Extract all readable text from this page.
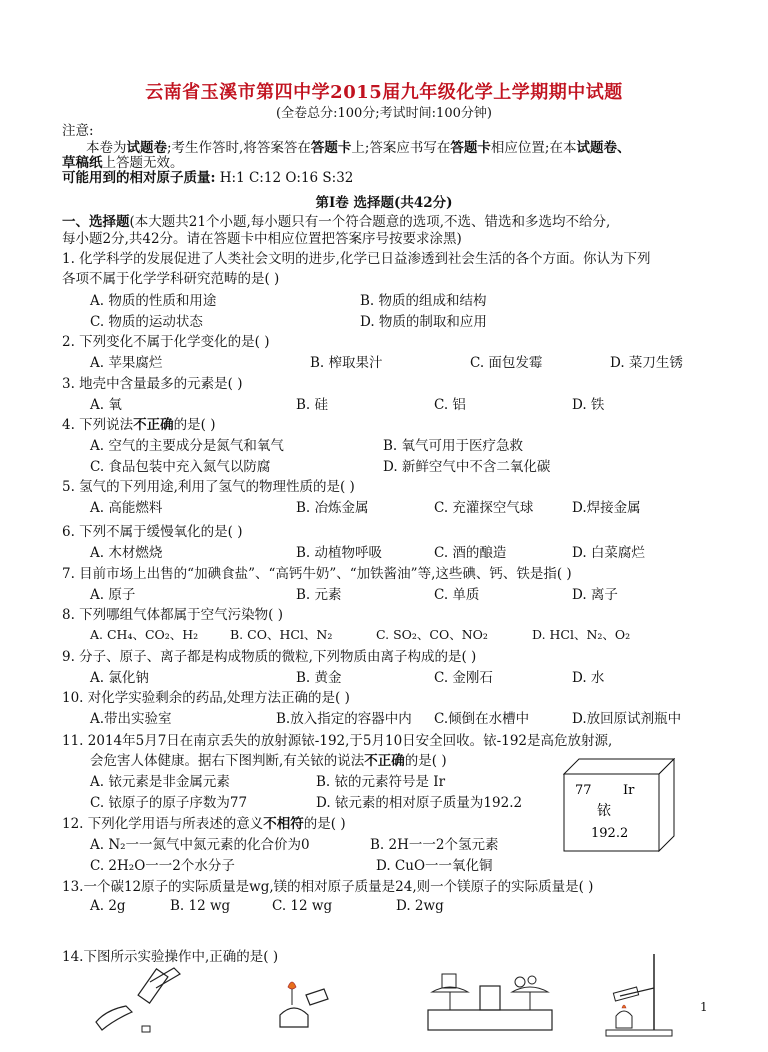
云南省玉溪市第四中学2015届九年级化学上学期期中试题
(全卷总分:100分;考试时间:100分钟)
注意:
本卷为试题卷;考生作答时,将答案答在答题卡上;答案应书写在答题卡相应位置;在本试题卷、
草稿纸上答题无效。
可能用到的相对原子质量: H:1 C:12 O:16 S:32
第I卷 选择题(共42分)
一、选择题(本大题共21个小题,每小题只有一个符合题意的选项,不选、错选和多选均不给分,
每小题2分,共42分。请在答题卡中相应位置把答案序号按要求涂黑)
1. 化学科学的发展促进了人类社会文明的进步,化学已日益渗透到社会生活的各个方面。你认为下列
各项不属于化学学科研究范畴的是( )
A. 物质的性质和用途	B. 物质的组成和结构
C. 物质的运动状态	D. 物质的制取和应用
2. 下列变化不属于化学变化的是( )
A. 苹果腐烂	B. 榨取果汁	C. 面包发霉	D. 菜刀生锈
3. 地壳中含量最多的元素是( )
A. 氧	B. 硅	C. 铝	D. 铁
4. 下列说法不正确的是( )
A. 空气的主要成分是氮气和氧气	B. 氧气可用于医疗急救
C. 食品包装中充入氮气以防腐	D. 新鲜空气中不含二氧化碳
5. 氢气的下列用途,利用了氢气的物理性质的是( )
A. 高能燃料	B. 冶炼金属	C. 充灌探空气球	D.焊接金属
6. 下列不属于缓慢氧化的是( )
A. 木材燃烧	B. 动植物呼吸	C. 酒的酿造	D. 白菜腐烂
7. 目前市场上出售的“加碘食盐”、“高钙牛奶”、“加铁酱油”等,这些碘、钙、铁是指( )
A. 原子	B. 元素	C. 单质	D. 离子
8. 下列哪组气体都属于空气污染物( )
A. CH₄、CO₂、H₂	B. CO、HCl、N₂	C. SO₂、CO、NO₂	D. HCl、N₂、O₂
9. 分子、原子、离子都是构成物质的微粒,下列物质由离子构成的是( )
A. 氯化钠	B. 黄金	C. 金刚石	D. 水
10. 对化学实验剩余的药品,处理方法正确的是( )
A.带出实验室	B.放入指定的容器中内 C.倾倒在水槽中	D.放回原试剂瓶中
11. 2014年5月7日在南京丢失的放射源铱-192,于5月10日安全回收。铱-192是高危放射源,
会危害人体健康。据右下图判断,有关铱的说法不正确的是( )
A. 铱元素是非金属元素	B. 铱的元素符号是 Ir
C. 铱原子的原子序数为77	D. 铱元素的相对原子质量为192.2
77 Ir
铱
192.2
12. 下列化学用语与所表述的意义不相符的是( )
A. N₂一一氮气中氮元素的化合价为0	B. 2H一一2个氢元素
C. 2H₂O一一2个水分子	D. CuO一一氧化铜
13.一个碳12原子的实际质量是wg,镁的相对原子质量是24,则一个镁原子的实际质量是( )
A. 2g	B. 12 wg	C. 12 wg	D. 2wg
14.下图所示实验操作中,正确的是( )
1
